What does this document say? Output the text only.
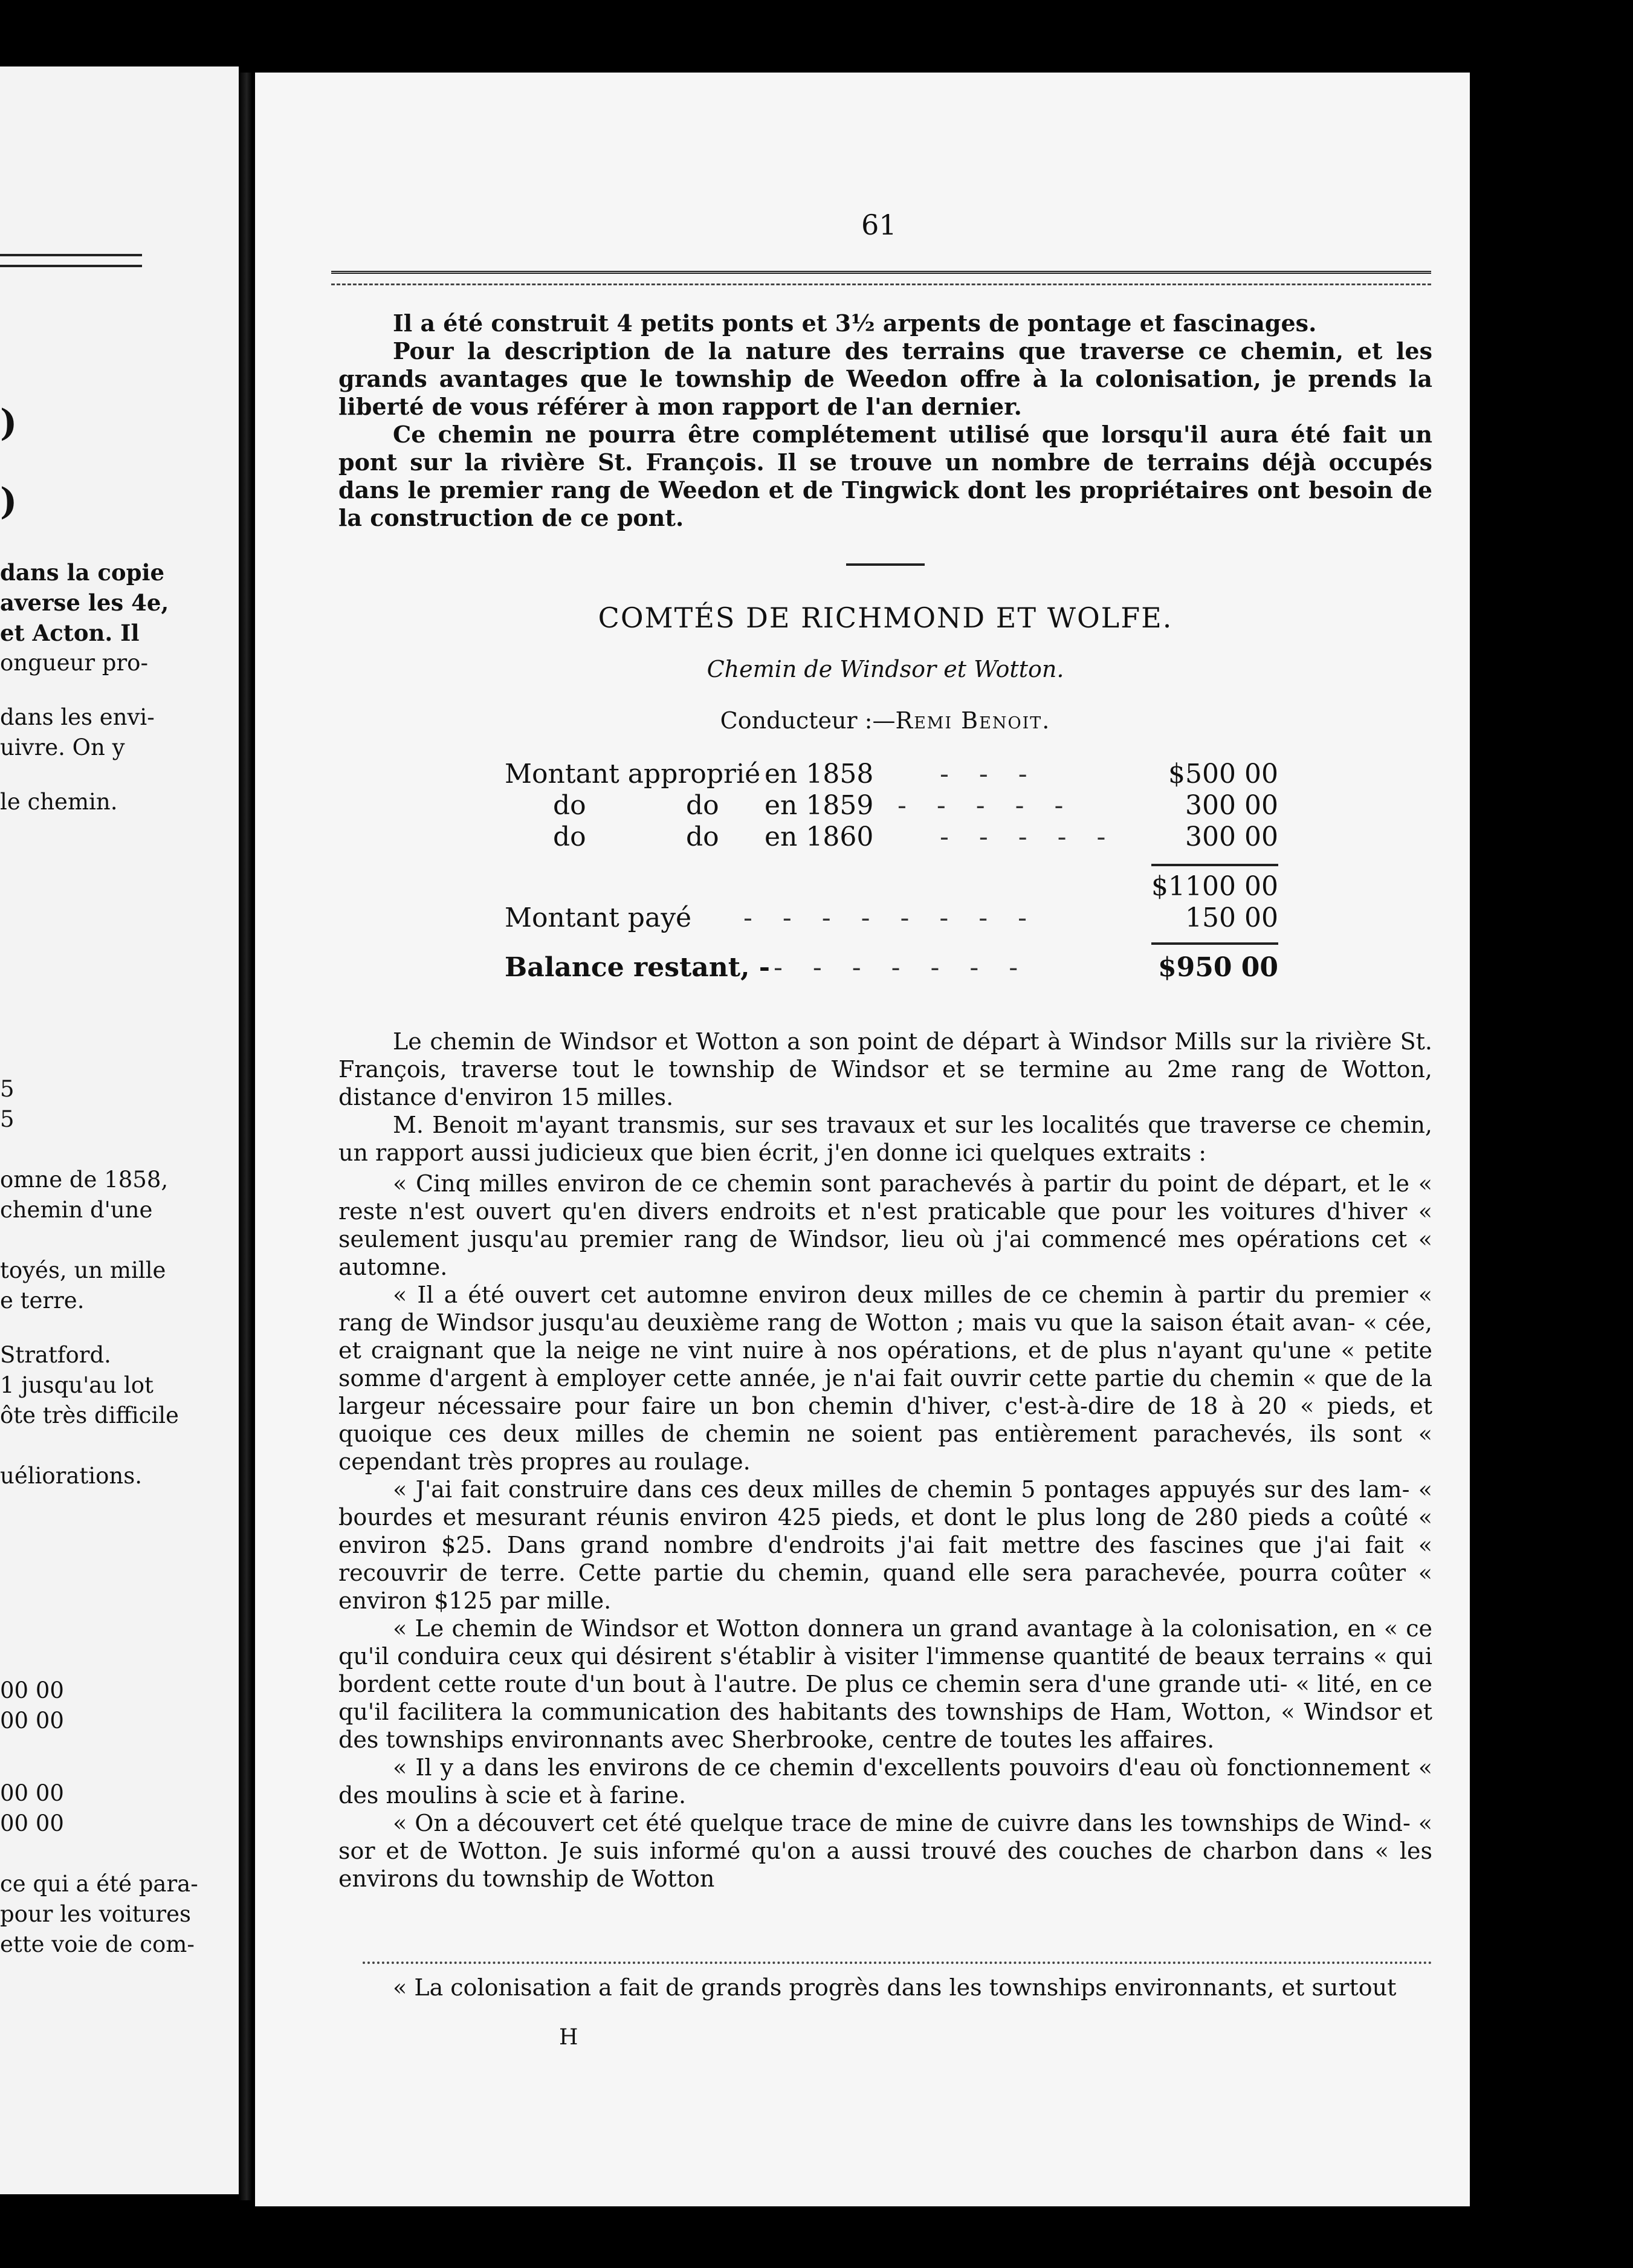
)
)
dans la copie
averse les 4e,
et Acton. Il
ongueur pro-
dans les envi-
uivre. On y
le chemin.
5
5
omne de 1858,
chemin d'une
toyés, un mille
e terre.
Stratford.
1 jusqu'au lot
ôte très difficile
uéliorations.
00 00
00 00
00 00
00 00
ce qui a été para-
pour les voitures
ette voie de com-
61

Il a été construit 4 petits ponts et 3½ arpents de pontage et fascinages.

Pour la description de la nature des terrains que traverse ce chemin, et les grands avantages que le township de Weedon offre à la colonisation, je prends la liberté de vous référer à mon rapport de l'an dernier.

Ce chemin ne pourra être complétement utilisé que lorsqu'il aura été fait un pont sur la rivière St. François. Il se trouve un nombre de terrains déjà occupés dans le premier rang de Weedon et de Tingwick dont les propriétaires ont besoin de la construction de ce pont.

COMTÉS DE RICHMOND ET WOLFE.
Chemin de Windsor et Wotton.
Conducteur :—Remi Benoit.
Montant approprié en 1858 ---	$500 00
do	do en 1859 -----	300 00
do	do en 1860 ----- 300 00
$1100 00
Montant payé --------	150 00
Balance restant, - -------	$950 00

Le chemin de Windsor et Wotton a son point de départ à Windsor Mills sur la rivière St. François, traverse tout le township de Windsor et se termine au 2me rang de Wotton, distance d'environ 15 milles.

M. Benoit m'ayant transmis, sur ses travaux et sur les localités que traverse ce chemin, un rapport aussi judicieux que bien écrit, j'en donne ici quelques extraits :

« Cinq milles environ de ce chemin sont parachevés à partir du point de départ, et le « reste n'est ouvert qu'en divers endroits et n'est praticable que pour les voitures d'hiver « seulement jusqu'au premier rang de Windsor, lieu où j'ai commencé mes opérations cet « automne.

« Il a été ouvert cet automne environ deux milles de ce chemin à partir du premier « rang de Windsor jusqu'au deuxième rang de Wotton ; mais vu que la saison était avan- « cée, et craignant que la neige ne vint nuire à nos opérations, et de plus n'ayant qu'une « petite somme d'argent à employer cette année, je n'ai fait ouvrir cette partie du chemin « que de la largeur nécessaire pour faire un bon chemin d'hiver, c'est-à-dire de 18 à 20 « pieds, et quoique ces deux milles de chemin ne soient pas entièrement parachevés, ils sont « cependant très propres au roulage.

« J'ai fait construire dans ces deux milles de chemin 5 pontages appuyés sur des lam- « bourdes et mesurant réunis environ 425 pieds, et dont le plus long de 280 pieds a coûté « environ $25. Dans grand nombre d'endroits j'ai fait mettre des fascines que j'ai fait « recouvrir de terre. Cette partie du chemin, quand elle sera parachevée, pourra coûter « environ $125 par mille.

« Le chemin de Windsor et Wotton donnera un grand avantage à la colonisation, en « ce qu'il conduira ceux qui désirent s'établir à visiter l'immense quantité de beaux terrains « qui bordent cette route d'un bout à l'autre. De plus ce chemin sera d'une grande uti- « lité, en ce qu'il facilitera la communication des habitants des townships de Ham, Wotton, « Windsor et des townships environnants avec Sherbrooke, centre de toutes les affaires.

« Il y a dans les environs de ce chemin d'excellents pouvoirs d'eau où fonctionnement « des moulins à scie et à farine.

« On a découvert cet été quelque trace de mine de cuivre dans les townships de Wind- « sor et de Wotton. Je suis informé qu'on a aussi trouvé des couches de charbon dans « les environs du township de Wotton

« La colonisation a fait de grands progrès dans les townships environnants, et surtout

H
